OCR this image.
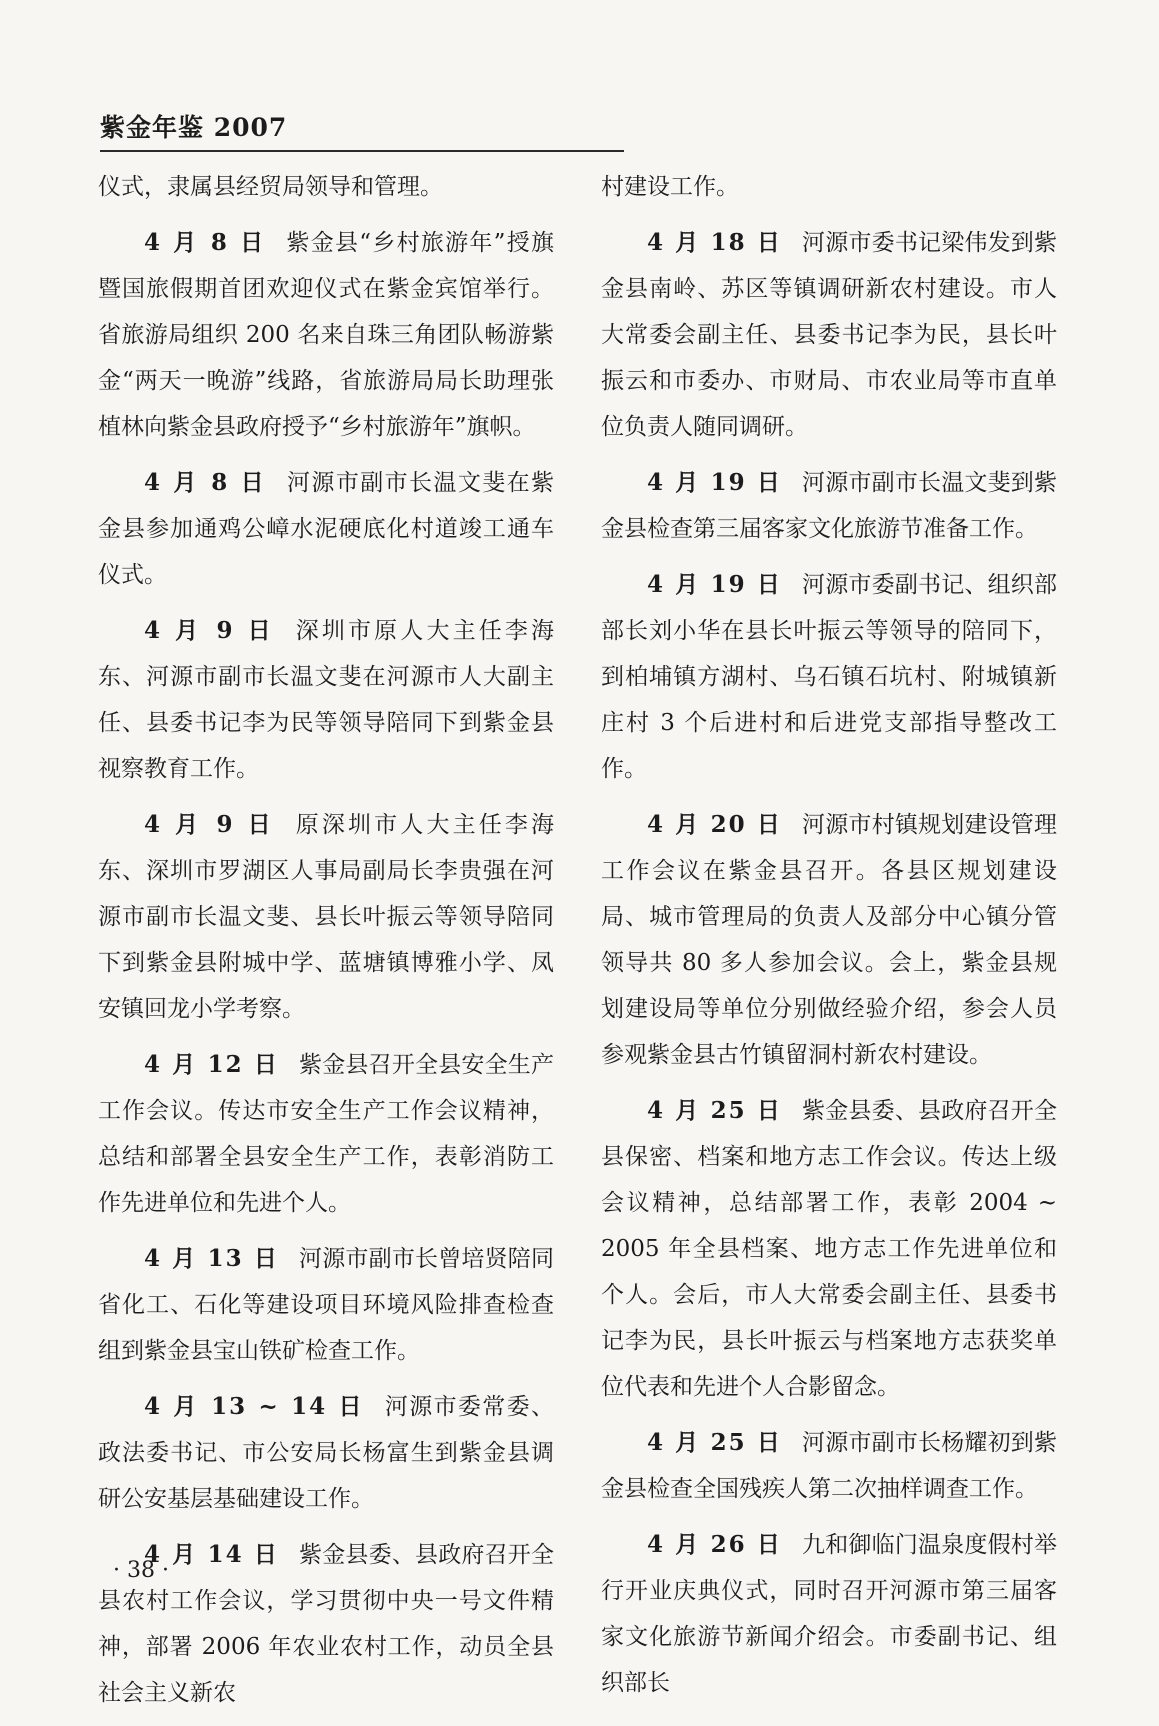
紫金年鉴 2007

仪式，隶属县经贸局领导和管理。

4 月 8 日 紫金县“乡村旅游年”授旗暨国旅假期首团欢迎仪式在紫金宾馆举行。省旅游局组织 200 名来自珠三角团队畅游紫金“两天一晚游”线路，省旅游局局长助理张植林向紫金县政府授予“乡村旅游年”旗帜。

4 月 8 日 河源市副市长温文斐在紫金县参加通鸡公嶂水泥硬底化村道竣工通车仪式。

4 月 9 日 深圳市原人大主任李海东、河源市副市长温文斐在河源市人大副主任、县委书记李为民等领导陪同下到紫金县视察教育工作。

4 月 9 日 原深圳市人大主任李海东、深圳市罗湖区人事局副局长李贵强在河源市副市长温文斐、县长叶振云等领导陪同下到紫金县附城中学、蓝塘镇博雅小学、凤安镇回龙小学考察。

4 月 12 日 紫金县召开全县安全生产工作会议。传达市安全生产工作会议精神，总结和部署全县安全生产工作，表彰消防工作先进单位和先进个人。

4 月 13 日 河源市副市长曾培贤陪同省化工、石化等建设项目环境风险排查检查组到紫金县宝山铁矿检查工作。

4 月 13 ~ 14 日 河源市委常委、政法委书记、市公安局长杨富生到紫金县调研公安基层基础建设工作。

4 月 14 日 紫金县委、县政府召开全县农村工作会议，学习贯彻中央一号文件精神，部署 2006 年农业农村工作，动员全县社会主义新农

村建设工作。

4 月 18 日 河源市委书记梁伟发到紫金县南岭、苏区等镇调研新农村建设。市人大常委会副主任、县委书记李为民，县长叶振云和市委办、市财局、市农业局等市直单位负责人随同调研。

4 月 19 日 河源市副市长温文斐到紫金县检查第三届客家文化旅游节准备工作。

4 月 19 日 河源市委副书记、组织部部长刘小华在县长叶振云等领导的陪同下，到柏埔镇方湖村、乌石镇石坑村、附城镇新庄村 3 个后进村和后进党支部指导整改工作。

4 月 20 日 河源市村镇规划建设管理工作会议在紫金县召开。各县区规划建设局、城市管理局的负责人及部分中心镇分管领导共 80 多人参加会议。会上，紫金县规划建设局等单位分别做经验介绍，参会人员参观紫金县古竹镇留洞村新农村建设。

4 月 25 日 紫金县委、县政府召开全县保密、档案和地方志工作会议。传达上级会议精神，总结部署工作，表彰 2004 ~ 2005 年全县档案、地方志工作先进单位和个人。会后，市人大常委会副主任、县委书记李为民，县长叶振云与档案地方志获奖单位代表和先进个人合影留念。

4 月 25 日 河源市副市长杨耀初到紫金县检查全国残疾人第二次抽样调查工作。

4 月 26 日 九和御临门温泉度假村举行开业庆典仪式，同时召开河源市第三届客家文化旅游节新闻介绍会。市委副书记、组织部长

· 38 ·
